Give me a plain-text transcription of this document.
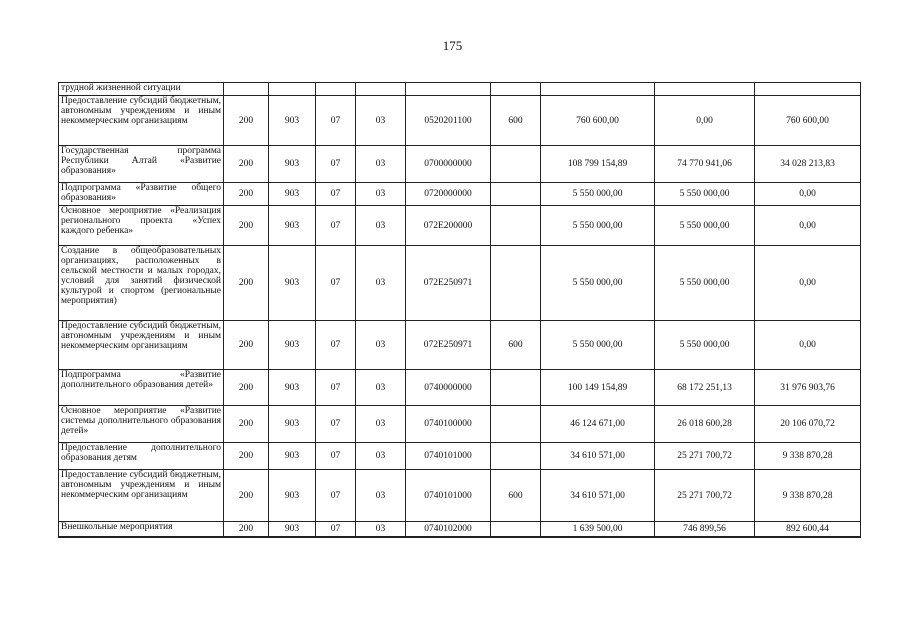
175
трудной жизненной ситуации									
Предоставление субсидий бюджетным, автономным учреждениям и иным некоммерческим организациям	200	903	07	03	0520201100	600	760 600,00	0,00	760 600,00
Государственная программа Республики Алтай «Развитие образования»	200	903	07	03	0700000000		108 799 154,89	74 770 941,06	34 028 213,83
Подпрограмма «Развитие общего образования»	200	903	07	03	0720000000		5 550 000,00	5 550 000,00	0,00
Основное мероприятие «Реализация регионального проекта «Успех каждого ребенка»	200	903	07	03	072E200000		5 550 000,00	5 550 000,00	0,00
Создание в общеобразовательных организациях, расположенных в сельской местности и малых городах, условий для занятий физической культурой и спортом (региональные мероприятия)	200	903	07	03	072E250971		5 550 000,00	5 550 000,00	0,00
Предоставление субсидий бюджетным, автономным учреждениям и иным некоммерческим организациям	200	903	07	03	072E250971	600	5 550 000,00	5 550 000,00	0,00
Подпрограмма «Развитие дополнительного образования детей»	200	903	07	03	0740000000		100 149 154,89	68 172 251,13	31 976 903,76
Основное мероприятие «Развитие системы дополнительного образования детей»	200	903	07	03	0740100000		46 124 671,00	26 018 600,28	20 106 070,72
Предоставление дополнительного образования детям	200	903	07	03	0740101000		34 610 571,00	25 271 700,72	9 338 870,28
Предоставление субсидий бюджетным, автономным учреждениям и иным некоммерческим организациям	200	903	07	03	0740101000	600	34 610 571,00	25 271 700,72	9 338 870,28
Внешкольные мероприятия	200	903	07	03	0740102000		1 639 500,00	746 899,56	892 600,44
